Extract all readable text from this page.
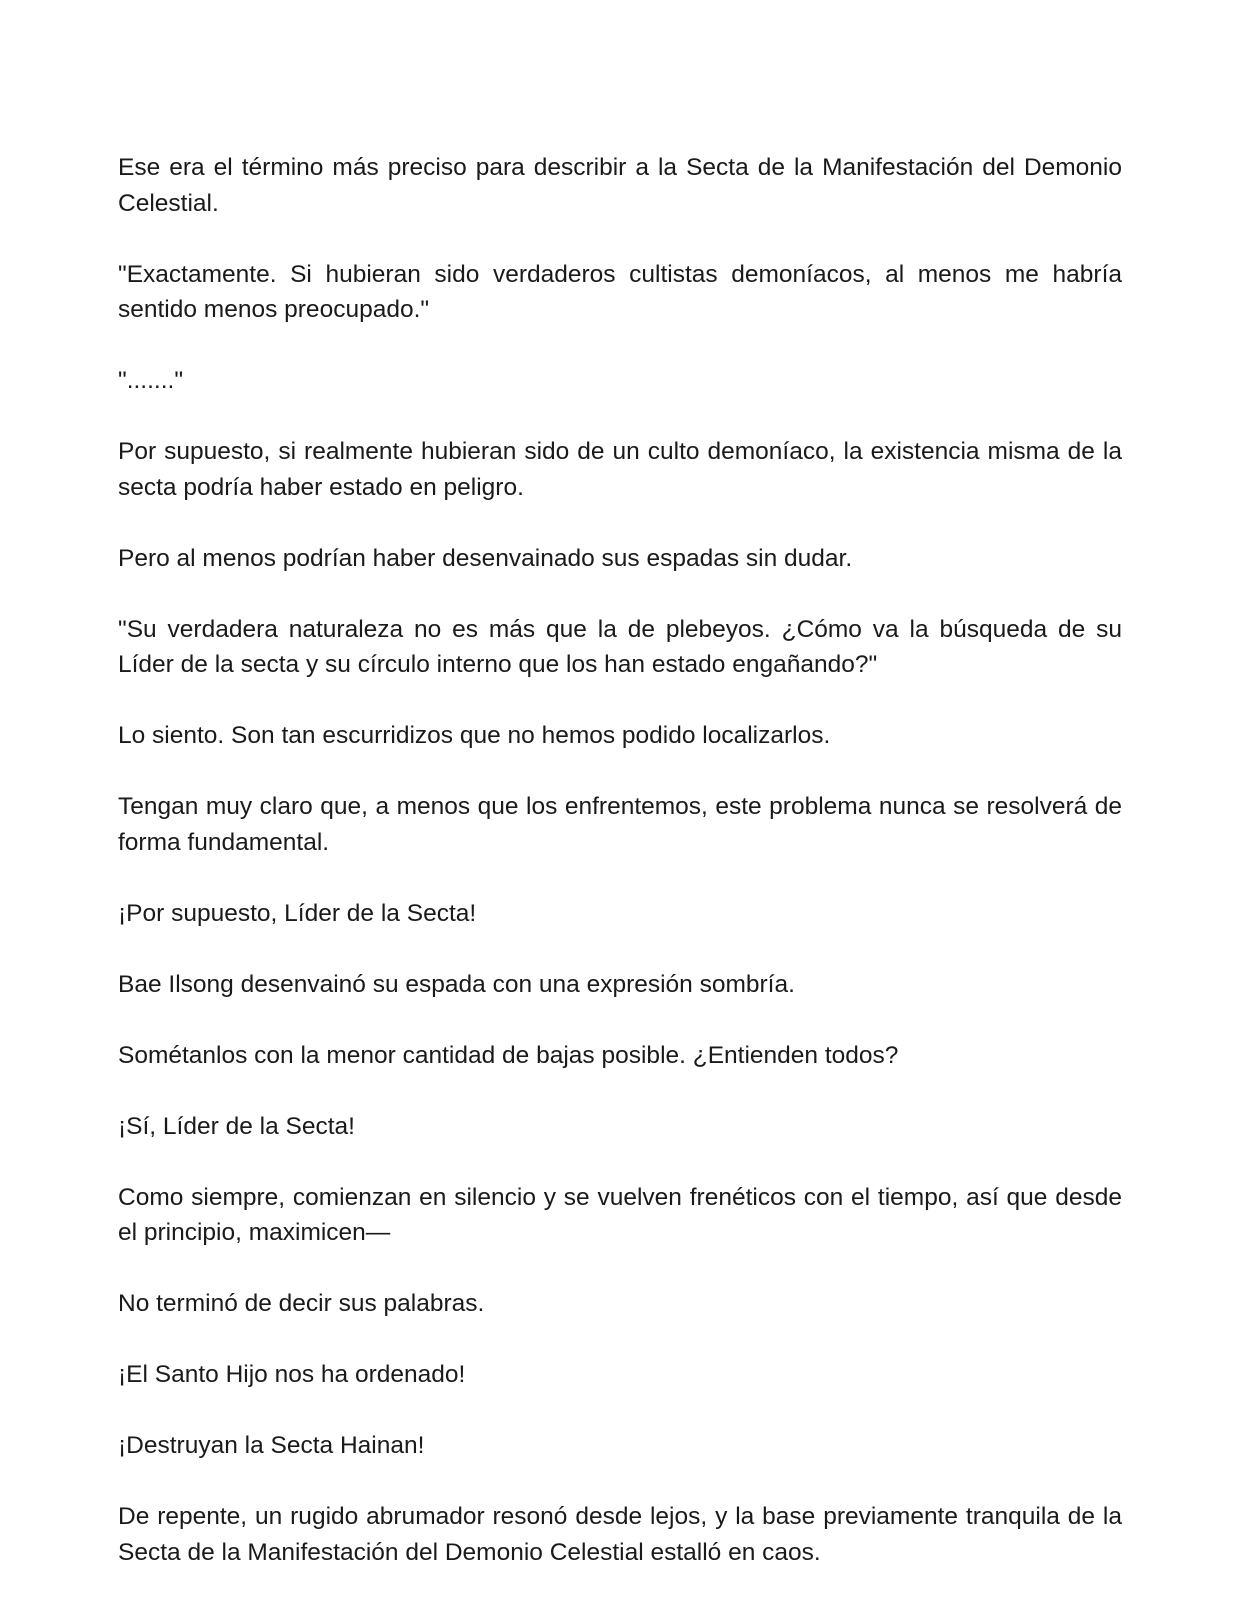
Ese era el término más preciso para describir a la Secta de la Manifestación del Demonio Celestial.

"Exactamente. Si hubieran sido verdaderos cultistas demoníacos, al menos me habría sentido menos preocupado."

"......."

Por supuesto, si realmente hubieran sido de un culto demoníaco, la existencia misma de la secta podría haber estado en peligro.

Pero al menos podrían haber desenvainado sus espadas sin dudar.

"Su verdadera naturaleza no es más que la de plebeyos. ¿Cómo va la búsqueda de su Líder de la secta y su círculo interno que los han estado engañando?"

Lo siento. Son tan escurridizos que no hemos podido localizarlos.

Tengan muy claro que, a menos que los enfrentemos, este problema nunca se resolverá de forma fundamental.

¡Por supuesto, Líder de la Secta!

Bae Ilsong desenvainó su espada con una expresión sombría.

Sométanlos con la menor cantidad de bajas posible. ¿Entienden todos?

¡Sí, Líder de la Secta!

Como siempre, comienzan en silencio y se vuelven frenéticos con el tiempo, así que desde el principio, maximicen—

No terminó de decir sus palabras.

¡El Santo Hijo nos ha ordenado!

¡Destruyan la Secta Hainan!

De repente, un rugido abrumador resonó desde lejos, y la base previamente tranquila de la Secta de la Manifestación del Demonio Celestial estalló en caos.
